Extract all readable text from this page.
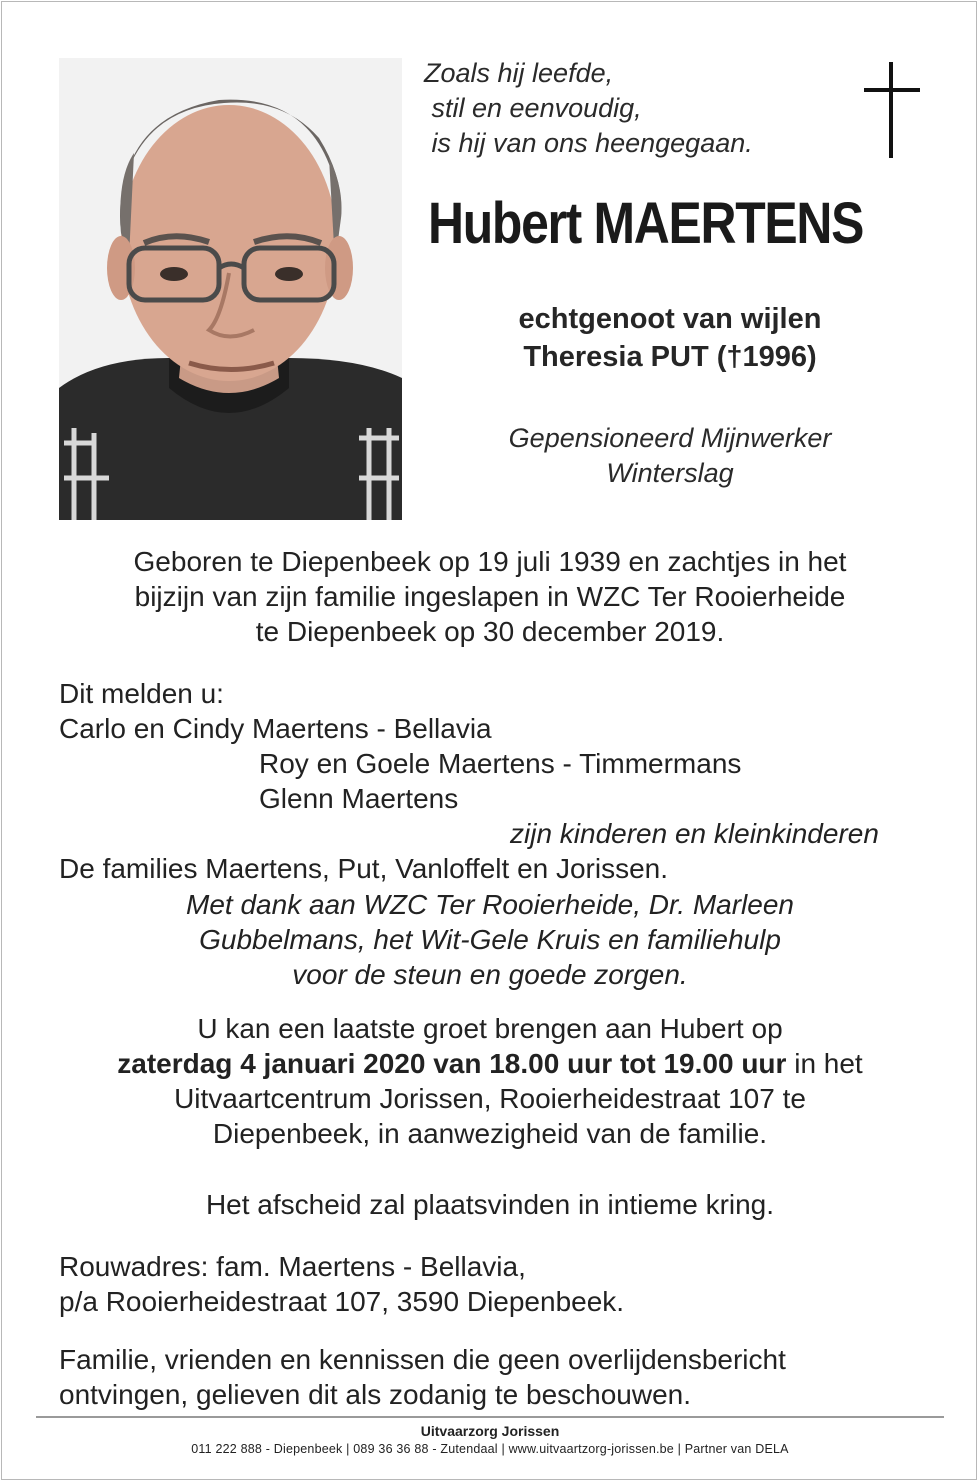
Zoals hij leefde,
stil en eenvoudig,
is hij van ons heengegaan.
Hubert MAERTENS
echtgenoot van wijlen
Theresia PUT (†1996)
Gepensioneerd Mijnwerker
Winterslag
Geboren te Diepenbeek op 19 juli 1939 en zachtjes in het
bijzijn van zijn familie ingeslapen in WZC Ter Rooierheide
te Diepenbeek op 30 december 2019.
Dit melden u:
Carlo en Cindy Maertens - Bellavia
Roy en Goele Maertens - Timmermans
Glenn Maertens
zijn kinderen en kleinkinderen
De families Maertens, Put, Vanloffelt en Jorissen.
Met dank aan WZC Ter Rooierheide, Dr. Marleen
Gubbelmans, het Wit-Gele Kruis en familiehulp
voor de steun en goede zorgen.
U kan een laatste groet brengen aan Hubert op
zaterdag 4 januari 2020 van 18.00 uur tot 19.00 uur in het
Uitvaartcentrum Jorissen, Rooierheidestraat 107 te
Diepenbeek, in aanwezigheid van de familie.
Het afscheid zal plaatsvinden in intieme kring.
Rouwadres: fam. Maertens - Bellavia,
p/a Rooierheidestraat 107, 3590 Diepenbeek.
Familie, vrienden en kennissen die geen overlijdensbericht
ontvingen, gelieven dit als zodanig te beschouwen.
Uitvaarzorg Jorissen
011 222 888 - Diepenbeek | 089 36 36 88 - Zutendaal | www.uitvaartzorg-jorissen.be | Partner van DELA
